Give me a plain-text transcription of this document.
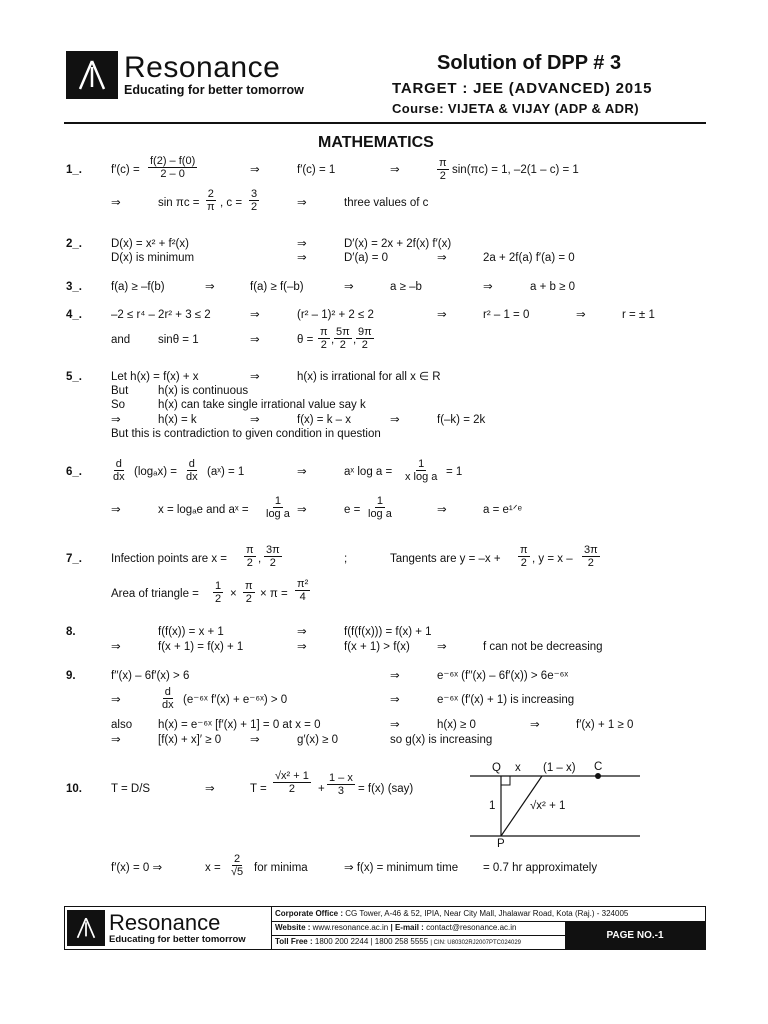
Resonance
Educating for better tomorrow
Solution of DPP # 3
TARGET : JEE (ADVANCED) 2015
Course: VIJETA & VIJAY (ADP & ADR)
MATHEMATICS
1_.	$f'(c) = \frac{f(2) - f(0)}{2 - 0}$	⇒	f′(c) = 1	⇒	$\frac{\pi}{2} \sin(\pi c) = 1$, –2(1 – c) = 1
⇒	$\sin \pi c = \frac{2}{\pi}$ , $c = \frac{3}{2}$	⇒	three values of c
2_.	D(x) = x² + f²(x)	⇒	D′(x) = 2x + 2f(x) f′(x)
D(x) is minimum	⇒	D′(a) = 0	⇒	2a + 2f(a) f′(a) = 0
3_.	f(a) ≥ –f(b)	⇒	f(a) ≥ f(–b)	⇒	a ≥ –b	⇒	a + b ≥ 0
4_.	–2 ≤ r⁴ – 2r² + 3 ≤ 2	⇒	(r² – 1)² + 2 ≤ 2	⇒	r² – 1 = 0	⇒	r = ± 1
and sinθ = 1	⇒	$\theta = \frac{\pi}{2}$ , $\frac{5\pi}{2}$ , $\frac{9\pi}{2}$
5_.	Let h(x) = f(x) + x	⇒	h(x) is irrational for all x ∈ R
But	h(x) is continuous
So	h(x) can take single irrational value say k
⇒	h(x) = k	⇒	f(x) = k – x	⇒	f(–k) = 2k
But this is contradiction to given condition in question
6_.	$\frac{d}{dx} (\log_ax) = \frac{d}{dx}$ (aˣ) = 1	⇒	aˣ $\log a = \frac{1}{\text{x log a}} = 1$
⇒	x = logₐe and aˣ = $\frac{1}{\text{log a}}$ ⇒	$e = \frac{1}{\text{log a}}$	⇒	a = e¹ᐟᵉ
7_.	Infection points are $x = \frac{\pi}{2}$ , $\frac{3\pi}{2}$	;	Tangents are $y = -x + \frac{\pi}{2}$ , $y = x - \frac{3\pi}{2}$
Area of triangle = $\frac{1}{2} \times \frac{\pi}{2} \times \pi = \frac{\text{π²}}{4}$
8.	f(f(x)) = x + 1	⇒	f(f(f(x))) = f(x) + 1
⇒	f(x + 1) = f(x) + 1	⇒	f(x + 1) > f(x) ⇒	f can not be decreasing
9.	f′′(x) – 6f′(x) > 6	⇒	e⁻⁶ˣ (f′′(x) – 6f′(x)) > 6e⁻⁶ˣ
⇒	$\frac{d}{dx}$ (e⁻⁶ˣ f′(x) + e⁻⁶ˣ) > 0	⇒	e⁻⁶ˣ (f′(x) + 1) is increasing
also h(x) = e⁻⁶ˣ [f′(x) + 1] = 0 at x = 0	⇒	h(x) ≥ 0	⇒	f′(x) + 1 ≥ 0
⇒	[f(x) + x]′ ≥ 0	⇒	g′(x) ≥ 0	so g(x) is increasing
10.	T = D/S	⇒	$T = \frac{\text{√x² + 1}}{2} + \frac{1 - x}{3} = f(x)$ (say)
Q x (1 – x) C
1	√x² + 1
P
f′(x) = 0 ⇒	$x = \frac{2}{√5}$ for minima	⇒ f(x) = minimum time = 0.7 hr approximately
Resonance
Educating for better tomorrow
Corporate Office : CG Tower, A-46 & 52, IPIA, Near City Mall, Jhalawar Road, Kota (Raj.) - 324005
Website : www.resonance.ac.in | E-mail : contact@resonance.ac.in
Toll Free : 1800 200 2244 | 1800 258 5555 | CIN: U80302RJ2007PTC024029
PAGE NO.-1
